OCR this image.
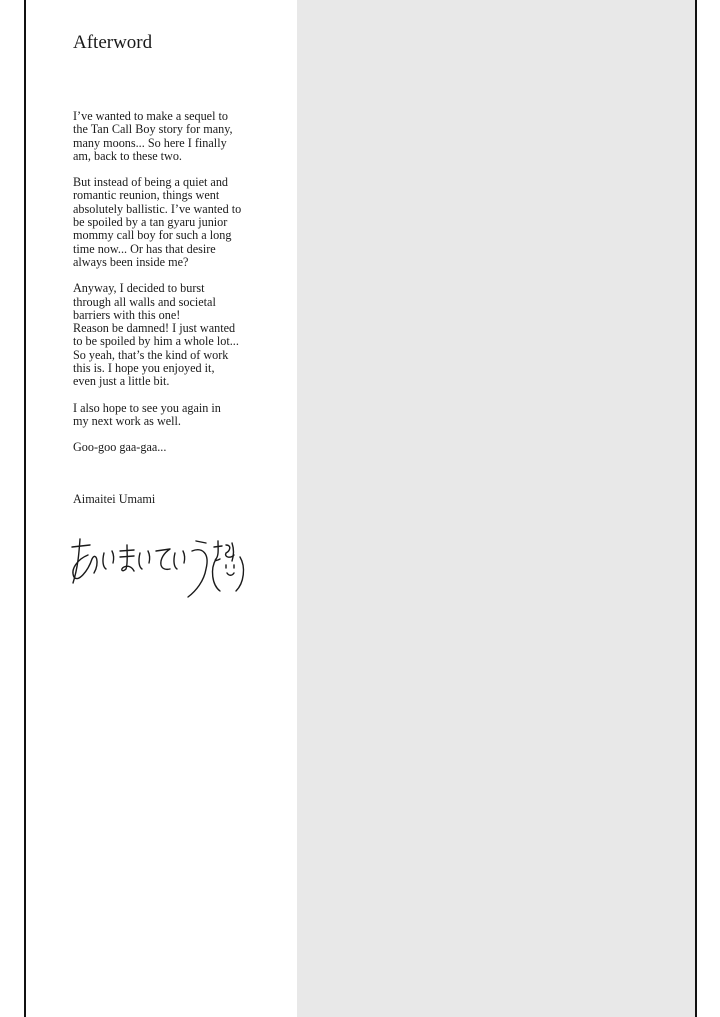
Afterword

I’ve wanted to make a sequel to
the Tan Call Boy story for many,
many moons... So here I finally
am, back to these two.

But instead of being a quiet and
romantic reunion, things went
absolutely ballistic. I’ve wanted to
be spoiled by a tan gyaru junior
mommy call boy for such a long
time now... Or has that desire
always been inside me?

Anyway, I decided to burst
through all walls and societal
barriers with this one!
Reason be damned! I just wanted
to be spoiled by him a whole lot...
So yeah, that’s the kind of work
this is. I hope you enjoyed it,
even just a little bit.

I also hope to see you again in
my next work as well.

Goo-goo gaa-gaa...

Aimaitei Umami
